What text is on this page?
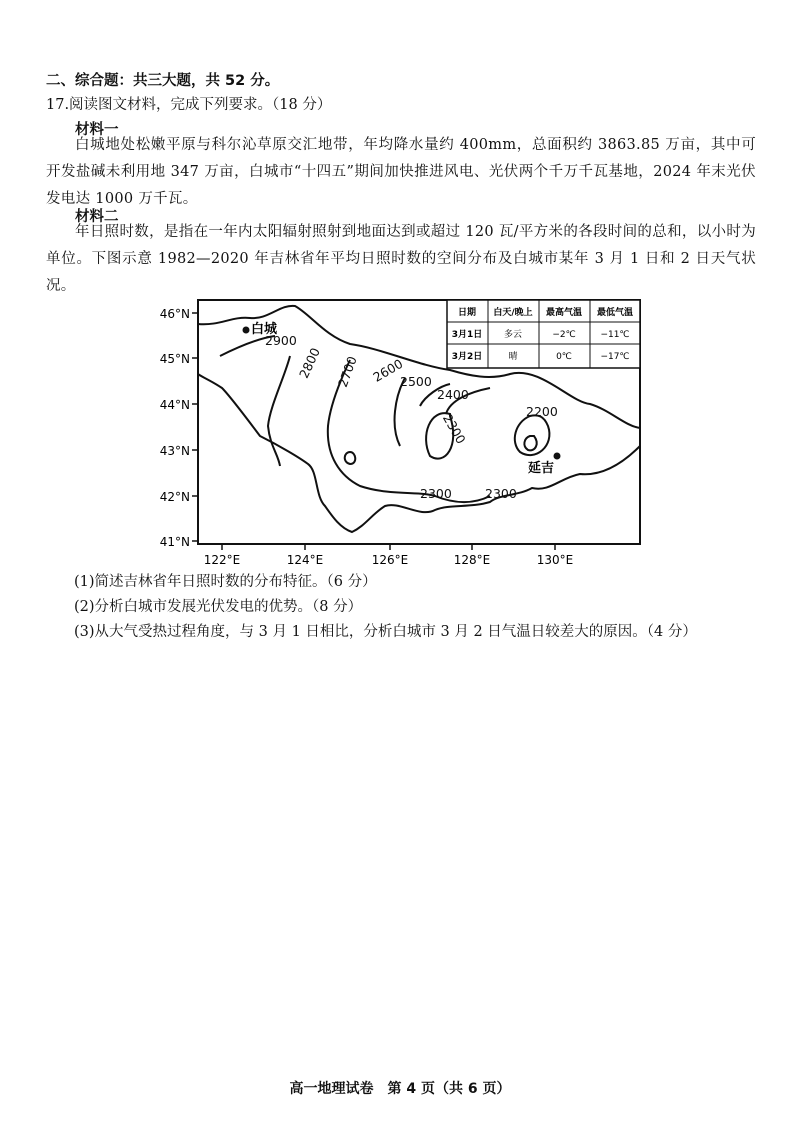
二、综合题：共三大题，共 52 分。
17.阅读图文材料，完成下列要求。（18 分）
材料一
白城地处松嫩平原与科尔沁草原交汇地带，年均降水量约 400mm，总面积约 3863.85 万亩，其中可开发盐碱未利用地 347 万亩，白城市“十四五”期间加快推进风电、光伏两个千万千瓦基地，2024 年末光伏发电达 1000 万千瓦。
材料二
年日照时数，是指在一年内太阳辐射照射到地面达到或超过 120 瓦/平方米的各段时间的总和，以小时为单位。下图示意 1982—2020 年吉林省年平均日照时数的空间分布及白城市某年 3 月 1 日和 2 日天气状况。
46°N
45°N
44°N
43°N
42°N
41°N
122°E	124°E	126°E	128°E	130°E
2900
2800 2700 2600
2500
2400
2300	2200
2300	2300
白城
延吉
日期 白天/晚上 最高气温 最低气温
3月1日 多云	−2℃	−11℃
3月2日	晴	0℃	−17℃
(1)简述吉林省年日照时数的分布特征。（6 分）
(2)分析白城市发展光伏发电的优势。（8 分）
(3)从大气受热过程角度，与 3 月 1 日相比，分析白城市 3 月 2 日气温日较差大的原因。（4 分）
高一地理试卷　第 4 页（共 6 页）
